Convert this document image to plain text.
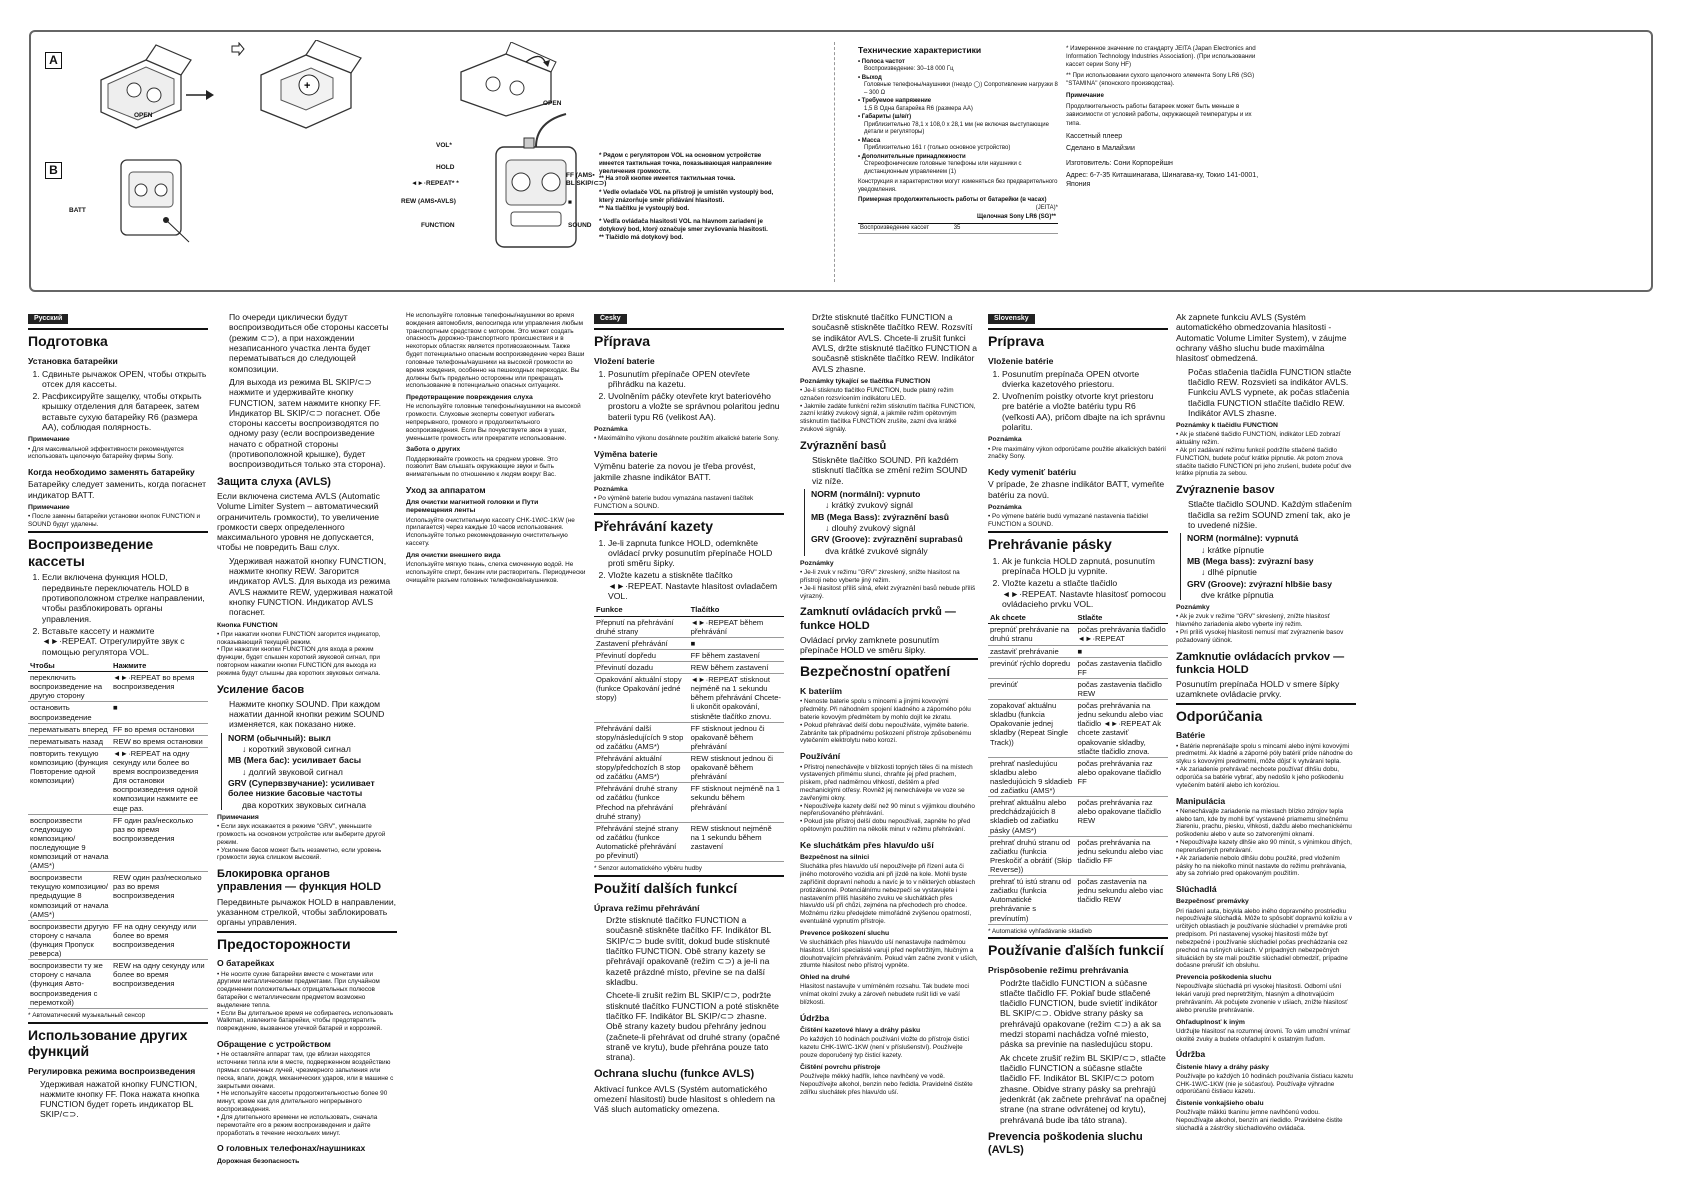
A
B
+
OPEN
BATT
OPEN
VOL*
HOLD
◄►·REPEAT* *
REW (AMS▪AVLS)
FUNCTION
FF (AMS▪
BL SKIP/⊂⊃)
■
SOUND
* Рядом с регулятором VOL на основном устройстве имеется тактильная точка, показывающая направление увеличения громкости.
** На этой кнопке имеется тактильная точка.
* Vedle ovladače VOL na přístroji je umístěn vystouplý bod, který znázorňuje směr přidávání hlasitosti.
** Na tlačítku je vystouplý bod.
* Vedľa ovládača hlasitosti VOL na hlavnom zariadení je dotykový bod, ktorý označuje smer zvyšovania hlasitosti.
** Tlačidlo má dotykový bod.
Технические характеристики
• Полоса частот
Воспроизведение: 30–18 000 Гц
• Выход
Головные телефоны/наушники (гнездо ◯) Сопротивление нагрузки 8 – 300 Ω
• Требуемое напряжение
1,5 В Одна батарейка R6 (размера AA)
• Габариты (ш/в/г)
Приблизительно 78,1 x 108,0 x 28,1 мм (не включая выступающие детали и регуляторы)
• Масса
Приблизительно 161 г (только основное устройство)
• Дополнительные принадлежности
Стереофонические головные телефоны или наушники с дистанционным управлением (1)

Конструкция и характеристики могут изменяться без предварительного уведомления.

Примерная продолжительность работы от батарейки (в часах)
(JEITA)*
	Щелочная Sony LR6 (SG)**
Воспроизведение кассет	35

* Измеренное значение по стандарту JEITA (Japan Electronics and Information Technology Industries Association). (При использовании кассет серии Sony HF)

** При использовании сухого щелочного элемента Sony LR6 (SG) "STAMINA" (японского производства).

Примечание

Продолжительность работы батареек может быть меньше в зависимости от условий работы, окружающей температуры и их типа.

Кассетный плеер

Сделано в Малайзии

Изготовитель: Сони Корпорейшн

Адрес: 6-7-35 Киташинагава, Шинагава-ку, Токио 141-0001, Япония

Русский
Подготовка
Установка батарейки
1. Сдвиньте рычажок OPEN, чтобы открыть отсек для кассеты.
2. Расфиксируйте защелку, чтобы открыть крышку отделения для батареек, затем вставьте сухую батарейку R6 (размера АА), соблюдая полярность.
Примечание

• Для максимальной эффективности рекомендуется использовать щелочную батарейку фирмы Sony.

Когда необходимо заменять батарейку

Батарейку следует заменить, когда погаснет индикатор BATT.

Примечание

• После замены батарейки установки кнопок FUNCTION и SOUND будут удалены.

Воспроизведение кассеты
1. Если включена функция HOLD, передвиньте переключатель HOLD в противоположном стрелке направлении, чтобы разблокировать органы управления.
2. Вставьте кассету и нажмите ◄►·REPEAT. Отрегулируйте звук с помощью регулятора VOL.
Чтобы	Нажмите
переключить воспроизведение на другую сторону	◄►·REPEAT во время воспроизведения
остановить воспроизведение	■
перематывать вперед	FF во время остановки
перематывать назад	REW во время остановки
повторить текущую композицию (функция Повторение одной композиции)	◄►·REPEAT на одну секунду или более во время воспроизведения Для остановки воспроизведения одной композиции нажмите ее еще раз.
воспроизвести следующую композицию/последующие 9 композиций от начала (AMS*)	FF один раз/несколько раз во время воспроизведения
воспроизвести текущую композицию/предыдущие 8 композиций от начала (AMS*)	REW один раз/несколько раз во время воспроизведения
воспроизвести другую сторону с начала (функция Пропуск реверса)	FF на одну секунду или более во время воспроизведения
воспроизвести ту же сторону с начала (функция Авто-воспроизведения с перемоткой)	REW на одну секунду или более во время воспроизведения

* Автоматический музыкальный сенсор

Использование других функций
Регулировка режима воспроизведения

Удерживая нажатой кнопку FUNCTION, нажмите кнопку FF. Пока нажата кнопка FUNCTION будет гореть индикатор BL SKIP/⊂⊃.

По очереди циклически будут воспроизводиться обе стороны кассеты (режим ⊂⊃), а при нахождении незаписанного участка лента будет перематываться до следующей композиции.

Для выхода из режима BL SKIP/⊂⊃ нажмите и удерживайте кнопку FUNCTION, затем нажмите кнопку FF. Индикатор BL SKIP/⊂⊃ погаснет. Обе стороны кассеты воспроизводятся по одному разу (если воспроизведение начато с обратной стороны (противоположной крышке), будет воспроизводиться только эта сторона).

Защита слуха (AVLS)

Если включена система AVLS (Automatic Volume Limiter System – автоматический ограничитель громкости), то увеличение громкости сверх определенного максимального уровня не допускается, чтобы не повредить Ваш слух.

Удерживая нажатой кнопку FUNCTION, нажмите кнопку REW. Загорится индикатор AVLS. Для выхода из режима AVLS нажмите REW, удерживая нажатой кнопку FUNCTION. Индикатор AVLS погаснет.

Кнопка FUNCTION

• При нажатии кнопки FUNCTION загорится индикатор, показывающий текущий режим.
• При нажатии кнопки FUNCTION для входа в режим функции, будет слышен короткий звуковой сигнал, при повторном нажатии кнопки FUNCTION для выхода из режима будут слышны два коротких звуковых сигнала.

Усиление басов

Нажмите кнопку SOUND. При каждом нажатии данной кнопки режим SOUND изменяется, как показано ниже.

NORM (обычный): выкл
↓ короткий звуковой сигнал
MB (Мега бас): усиливает басы
↓ долгий звуковой сигнал
GRV (Супервзвучание): усиливает более низкие басовые частоты
два коротких звуковых сигнала
Примечания

• Если звук искажается в режиме "GRV", уменьшите громкость на основном устройстве или выберите другой режим.
• Усиление басов может быть незаметно, если уровень громкости звука слишком высокий.

Блокировка органов управления — функция HOLD

Передвиньте рычажок HOLD в направлении, указанном стрелкой, чтобы заблокировать органы управления.

Предосторожности
О батарейках

• Не носите сухие батарейки вместе с монетами или другими металлическими предметами. При случайном соединении положительных отрицательных полюсов батарейки с металлическим предметом возможно выделение тепла.
• Если Вы длительное время не собираетесь использовать Walkman, извлеките батарейки, чтобы предотвратить повреждение, вызванное утечкой батарей и коррозией.

Обращение с устройством

• Не оставляйте аппарат там, где вблизи находятся источники тепла или в месте, подверженном воздействию прямых солнечных лучей, чрезмерного запыления или песка, влаги, дождя, механических ударов, или в машине с закрытыми окнами.
• Не используйте кассеты продолжительностью более 90 минут, кроме как для длительного непрерывного воспроизведения.
• Для длительного времени не использовать, сначала перемотайте его в режим воспроизведения и дайте проработать в течение нескольких минут.

О головных телефонах/наушниках
Дорожная безопасность

Не используйте головные телефоны/наушники во время вождения автомобиля, велосипеда или управления любым транспортным средством с мотором. Это может создать опасность дорожно-транспортного происшествия и в некоторых областях является противозаконным. Также будет потенциально опасным воспроизведение через Ваши головные телефоны/наушники на высокой громкости во время хождения, особенно на пешеходных переходах. Вы должны быть предельно осторожны или прекращать использование в потенциально опасных ситуациях.

Предотвращение повреждения слуха

Не используйте головные телефоны/наушники на высокой громкости. Слуховые эксперты советуют избегать непрерывного, громкого и продолжительного воспроизведения. Если Вы почувствуете звон в ушах, уменьшите громкость или прекратите использование.

Забота о других

Поддерживайте громкость на среднем уровне. Это позволит Вам слышать окружающие звуки и быть внимательным по отношению к людям вокруг Вас.

Уход за аппаратом
Для очистки магнитной головки и Пути перемещения ленты

Используйте очистительную кассету CHK-1W/C-1KW (не прилагается) через каждые 10 часов использования. Используйте только рекомендованную очистительную кассету.

Для очистки внешнего вида

Используйте мягкую ткань, слегка смоченную водой. Не используйте спирт, бензин или растворитель. Периодически очищайте разъем головных телефонов/наушников.

Česky
Příprava
Vložení baterie
1. Posunutím přepínače OPEN otevřete přihrádku na kazetu.
2. Uvolněním páčky otevřete kryt bateriového prostoru a vložte se správnou polaritou jednu baterii typu R6 (velikost AA).
Poznámka

• Maximálního výkonu dosáhnete použitím alkalické baterie Sony.

Výměna baterie

Výměnu baterie za novou je třeba provést, jakmile zhasne indikátor BATT.

Poznámka

• Po výměně baterie budou vymazána nastavení tlačítek FUNCTION a SOUND.

Přehrávání kazety
1. Je-li zapnuta funkce HOLD, odemkněte ovládací prvky posunutím přepínače HOLD proti směru šipky.
2. Vložte kazetu a stiskněte tlačítko ◄►·REPEAT. Nastavte hlasitost ovladačem VOL.
Funkce	Tlačítko
Přepnutí na přehrávání druhé strany	◄►·REPEAT během přehrávání
Zastavení přehrávání	■
Převinutí dopředu	FF během zastavení
Převinutí dozadu	REW během zastavení
Opakování aktuální stopy (funkce Opakování jedné stopy)	◄►·REPEAT stisknout nejméně na 1 sekundu během přehrávání Chcete-li ukončit opakování, stiskněte tlačítko znovu.
Přehrávání další stopy/následujících 9 stop od začátku (AMS*)	FF stisknout jednou či opakovaně během přehrávání
Přehrávání aktuální stopy/předchozích 8 stop od začátku (AMS*)	REW stisknout jednou či opakovaně během přehrávání
Přehrávání druhé strany od začátku (funkce Přechod na přehrávání druhé strany)	FF stisknout nejméně na 1 sekundu během přehrávání
Přehrávání stejné strany od začátku (funkce Automatické přehrávání po převinutí)	REW stisknout nejméně na 1 sekundu během zastavení

* Senzor automatického výběru hudby

Použití dalších funkcí
Úprava režimu přehrávání

Držte stisknuté tlačítko FUNCTION a současně stiskněte tlačítko FF. Indikátor BL SKIP/⊂⊃ bude svítit, dokud bude stisknuté tlačítko FUNCTION. Obě strany kazety se přehrávají opakovaně (režim ⊂⊃) a je-li na kazetě prázdné místo, převine se na další skladbu.

Chcete-li zrušit režim BL SKIP/⊂⊃, podržte stisknuté tlačítko FUNCTION a poté stiskněte tlačítko FF. Indikátor BL SKIP/⊂⊃ zhasne. Obě strany kazety budou přehrány jednou (začnete-li přehrávat od druhé strany (opačné straně ve krytu), bude přehrána pouze tato strana).

Ochrana sluchu (funkce AVLS)

Aktivací funkce AVLS (Systém automatického omezení hlasitosti) bude hlasitost s ohledem na Váš sluch automaticky omezena.

Držte stisknuté tlačítko FUNCTION a současně stiskněte tlačítko REW. Rozsvítí se indikátor AVLS. Chcete-li zrušit funkci AVLS, držte stisknuté tlačítko FUNCTION a současně stiskněte tlačítko REW. Indikátor AVLS zhasne.

Poznámky týkající se tlačítka FUNCTION

• Je-li stisknuto tlačítko FUNCTION, bude platný režim označen rozsvícením indikátoru LED.
• Jakmile zadáte funkční režim stisknutím tlačítka FUNCTION, zazní krátký zvukový signál, a jakmile režim opětovným stisknutím tlačítka FUNCTION zrušíte, zazní dva krátké zvukové signály.

Zvýraznění basů

Stiskněte tlačítko SOUND. Při každém stisknutí tlačítka se změní režim SOUND viz níže.

NORM (normální): vypnuto
↓ krátký zvukový signál
MB (Mega Bass): zvýraznění basů
↓ dlouhý zvukový signál
GRV (Groove): zvýraznění suprabasů
dva krátké zvukové signály
Poznámky

• Je-li zvuk v režimu "GRV" zkreslený, snižte hlasitost na přístroji nebo vyberte jiný režim.
• Je-li hlasitost příliš silná, efekt zvýraznění basů nebude příliš výrazný.

Zamknutí ovládacích prvků — funkce HOLD

Ovládací prvky zamknete posunutím přepínače HOLD ve směru šipky.

Bezpečnostní opatření
K bateriím

• Nenoste baterie spolu s mincemi a jinými kovovými předměty. Při náhodném spojení kladného a záporného pólu baterie kovovým předmětem by mohlo dojít ke zkratu.
• Pokud přehrávač delší dobu nepoužíváte, vyjměte baterie. Zabráníte tak případnému poškození přístroje způsobenému vytečením elektrolytu nebo korozí.

Používání

• Přístroj nenechávejte v blízkosti topných těles či na místech vystavených přímému slunci, chraňte jej před prachem, pískem, před nadměrnou vlhkostí, deštěm a před mechanickými otřesy. Rovněž jej nenechávejte ve voze se zavřenými okny.
• Nepoužívejte kazety delší než 90 minut s výjimkou dlouhého nepřerušovaného přehrávání.
• Pokud jste přístroj delší dobu nepoužívali, zapněte ho před opětovným použitím na několik minut v režimu přehrávání.

Ke sluchátkám přes hlavu/do uší
Bezpečnost na silnici

Sluchátka přes hlavu/do uší nepoužívejte při řízení auta či jiného motorového vozidla ani při jízdě na kole. Mohli byste zapříčinit dopravní nehodu a navíc je to v některých oblastech protizákonné. Potenciálnímu nebezpečí se vystavujete i nastavením příliš hlasitého zvuku ve sluchátkách přes hlavu/do uší při chůzi, zejména na přechodech pro chodce. Možnému riziku předejdete mimořádně zvýšenou opatrností, eventuálně vypnutím přístroje.

Prevence poškození sluchu

Ve sluchátkách přes hlavu/do uší nenastavujte nadměrnou hlasitost. Ušní specialisté varují před nepřetržitým, hlučným a dlouhotrvajícím přehráváním. Pokud vám začne zvonit v uších, ztlumte hlasitost nebo přístroj vypněte.

Ohled na druhé

Hlasitost nastavujte v umírněném rozsahu. Tak budete moci vnímat okolní zvuky a zároveň nebudete rušit lidi ve vaší blízkosti.

Údržba
Čištění kazetové hlavy a dráhy pásku

Po každých 10 hodinách používání vložte do přístroje čisticí kazetu CHK-1W/C-1KW (není v příslušenství). Používejte pouze doporučený typ čisticí kazety.

Čištění povrchu přístroje

Používejte měkký hadřík, lehce navlhčený ve vodě. Nepoužívejte alkohol, benzin nebo ředidla. Pravidelně čistěte zdířku sluchátek přes hlavu/do uší.

Slovensky
Príprava
Vloženie batérie
1. Posunutím prepínača OPEN otvorte dvierka kazetového priestoru.
2. Uvoľnením poistky otvorte kryt priestoru pre batérie a vložte batériu typu R6 (veľkosti AA), pričom dbajte na ich správnu polaritu.
Poznámka

• Pre maximálny výkon odporúčame použitie alkalických batérií značky Sony.

Kedy vymeniť batériu

V prípade, že zhasne indikátor BATT, vymeňte batériu za novú.

Poznámka

• Po výmene batérie budú vymazané nastavenia tlačidiel FUNCTION a SOUND.

Prehrávanie pásky
1. Ak je funkcia HOLD zapnutá, posunutím prepínača HOLD ju vypnite.
2. Vložte kazetu a stlačte tlačidlo ◄►·REPEAT. Nastavte hlasitosť pomocou ovládacieho prvku VOL.
Ak chcete	Stlačte
prepnúť prehrávanie na druhú stranu	počas prehrávania tlačidlo ◄►·REPEAT
zastaviť prehrávanie	■
previnúť rýchlo dopredu	počas zastavenia tlačidlo FF
previnúť	počas zastavenia tlačidlo REW
zopakovať aktuálnu skladbu (funkcia Opakovanie jednej skladby (Repeat Single Track))	počas prehrávania na jednu sekundu alebo viac tlačidlo ◄►·REPEAT Ak chcete zastaviť opakovanie skladby, stlačte tlačidlo znova.
prehrať nasledujúcu skladbu alebo nasledujúcich 9 skladieb od začiatku (AMS*)	počas prehrávania raz alebo opakovane tlačidlo FF
prehrať aktuálnu alebo predchádzajúcich 8 skladieb od začiatku pásky (AMS*)	počas prehrávania raz alebo opakovane tlačidlo REW
prehrať druhú stranu od začiatku (funkcia Preskočiť a obrátiť (Skip Reverse))	počas prehrávania na jednu sekundu alebo viac tlačidlo FF
prehrať tú istú stranu od začiatku (funkcia Automatické prehrávanie s prevínutím)	počas zastavenia na jednu sekundu alebo viac tlačidlo REW

* Automatické vyhľadávanie skladieb

Používanie ďalších funkcií
Prispôsobenie režimu prehrávania

Podržte tlačidlo FUNCTION a súčasne stlačte tlačidlo FF. Pokiaľ bude stlačené tlačidlo FUNCTION, bude svietiť indikátor BL SKIP/⊂⊃. Obidve strany pásky sa prehrávajú opakovane (režim ⊂⊃) a ak sa medzi stopami nachádza voľné miesto, páska sa previnie na nasledujúcu stopu.

Ak chcete zrušiť režim BL SKIP/⊂⊃, stlačte tlačidlo FUNCTION a súčasne stlačte tlačidlo FF. Indikátor BL SKIP/⊂⊃ potom zhasne. Obidve strany pásky sa prehrajú jedenkrát (ak začnete prehrávať na opačnej strane (na strane odvrátenej od krytu), prehrávaná bude iba táto strana).

Prevencia poškodenia sluchu (AVLS)

Ak zapnete funkciu AVLS (Systém automatického obmedzovania hlasitosti - Automatic Volume Limiter System), v záujme ochrany vášho sluchu bude maximálna hlasitosť obmedzená.

Počas stlačenia tlačidla FUNCTION stlačte tlačidlo REW. Rozsvieti sa indikátor AVLS. Funkciu AVLS vypnete, ak počas stlačenia tlačidla FUNCTION stlačíte tlačidlo REW. Indikátor AVLS zhasne.

Poznámky k tlačidlu FUNCTION

• Ak je stlačené tlačidlo FUNCTION, indikátor LED zobrazí aktuálny režim.
• Ak pri zadávaní režimu funkcií podržíte stlačené tlačidlo FUNCTION, budete počuť krátke pípnutie. Ak potom znova stlačíte tlačidlo FUNCTION pri jeho zrušení, budete počuť dve krátke pípnutia za sebou.

Zvýraznenie basov

Stlačte tlačidlo SOUND. Každým stlačením tlačidla sa režim SOUND zmení tak, ako je to uvedené nižšie.

NORM (normálne): vypnutá
↓ krátke pípnutie
MB (Mega bass): zvýrazní basy
↓ dlhé pípnutie
GRV (Groove): zvýrazní hlbšie basy
dve krátke pípnutia
Poznámky

• Ak je zvuk v režime "GRV" skreslený, znížte hlasitosť hlavného zariadenia alebo vyberte iný režim.
• Pri príliš vysokej hlasitosti nemusí mať zvýraznenie basov požadovaný účinok.

Zamknutie ovládacích prvkov — funkcia HOLD

Posunutím prepínača HOLD v smere šípky uzamknete ovládacie prvky.

Odporúčania
Batérie

• Batérie neprenášajte spolu s mincami alebo inými kovovými predmetmi. Ak kladné a záporné póly batérií príde náhodne do styku s kovovými predmetmi, môže dôjsť k vytvárani tepla.
• Ak zariadenie prehrávač nechcete používať dlhšiu dobu, odporúča sa batérie vybrať, aby nedošlo k jeho poškodeniu vytečením batérií alebo ich koróziou.

Manipulácia

• Nenechávajte zariadenie na miestach blízko zdrojov tepla alebo tam, kde by mohli byť vystavené priamemu slnečnému žiareniu, prachu, piesku, vlhkosti, dažďu alebo mechanickému poškodeniu alebo v aute so zatvorenými oknami.
• Nepoužívajte kazety dlhšie ako 90 minút, s výnimkou dlhých, neprerušených prehrávaní.
• Ak zariadenie nebolo dlhšiu dobu použité, pred vložením pásky ho na niekoľko minút nastavte do režimu prehrávania, aby sa zohrialo pred opakovaným použitím.

Slúchadlá
Bezpečnosť premávky

Pri riadení auta, bicykla alebo iného dopravného prostriedku nepoužívajte slúchadlá. Môže to spôsobiť dopravnú kolíziu a v určitých oblastiach je používanie slúchadiel v premávke proti predpisom. Pri nastavenej vysokej hlasitosti môže byť nebezpečné i používanie slúchadiel počas prechádzania cez prechod na rušných uliciach. V prípadných nebezpečných situáciách by ste mali použitie slúchadiel obmedziť, prípadne dočasne prerušiť ich obsluhu.

Prevencia poškodenia sluchu

Nepoužívajte slúchadlá pri vysokej hlasitosti. Odborní ušní lekári varujú pred nepretržitým, hlasným a dlhotrvajúcim prehrávaním. Ak počujete zvonenie v ušiach, znížte hlasitosť alebo prerušte prehrávanie.

Ohľaduplnosť k iným

Udržujte hlasitosť na rozumnej úrovni. To vám umožní vnímať okolité zvuky a budete ohľaduplní k ostatným ľuďom.

Údržba
Čistenie hlavy a dráhy pásky

Používajte po každých 10 hodinách používania čistiacu kazetu CHK-1W/C-1KW (nie je súčasťou). Používajte výhradne odporúčanú čistiacu kazetu.

Čistenie vonkajšieho obalu

Používajte mäkkú tkaninu jemne navlhčenú vodou. Nepoužívajte alkohol, benzín ani riedidlo. Pravidelne čistite slúchadlá a zástrčky slúchadlového ovládača.
